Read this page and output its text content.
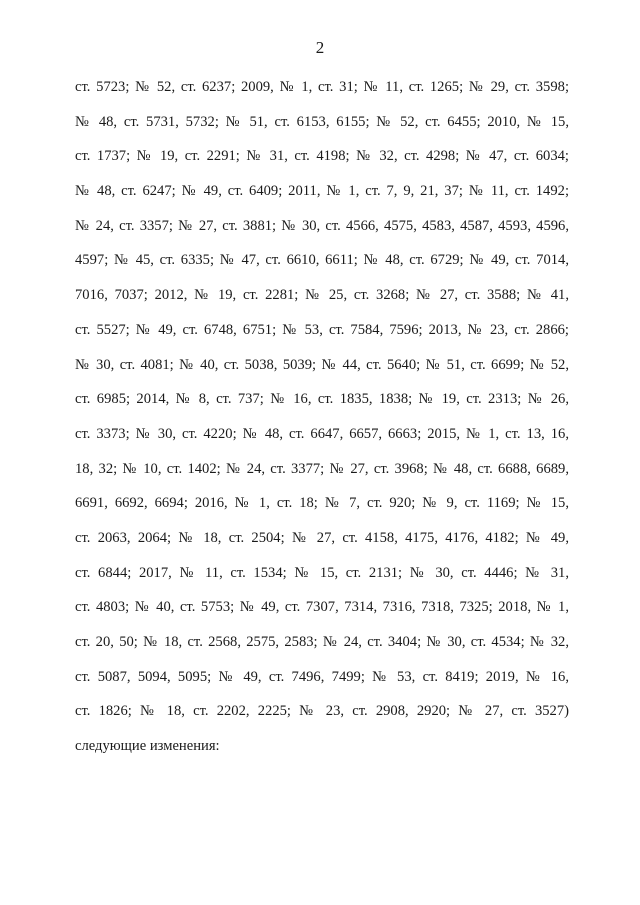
2
ст. 5723; № 52, ст. 6237; 2009, № 1, ст. 31; № 11, ст. 1265; № 29, ст. 3598;
№ 48, ст. 5731, 5732; № 51, ст. 6153, 6155; № 52, ст. 6455; 2010, № 15,
ст. 1737; № 19, ст. 2291; № 31, ст. 4198; № 32, ст. 4298; № 47, ст. 6034;
№ 48, ст. 6247; № 49, ст. 6409; 2011, № 1, ст. 7, 9, 21, 37; № 11, ст. 1492;
№ 24, ст. 3357; № 27, ст. 3881; № 30, ст. 4566, 4575, 4583, 4587, 4593, 4596,
4597; № 45, ст. 6335; № 47, ст. 6610, 6611; № 48, ст. 6729; № 49, ст. 7014,
7016, 7037; 2012, № 19, ст. 2281; № 25, ст. 3268; № 27, ст. 3588; № 41,
ст. 5527; № 49, ст. 6748, 6751; № 53, ст. 7584, 7596; 2013, № 23, ст. 2866;
№ 30, ст. 4081; № 40, ст. 5038, 5039; № 44, ст. 5640; № 51, ст. 6699; № 52,
ст. 6985; 2014, № 8, ст. 737; № 16, ст. 1835, 1838; № 19, ст. 2313; № 26,
ст. 3373; № 30, ст. 4220; № 48, ст. 6647, 6657, 6663; 2015, № 1, ст. 13, 16,
18, 32; № 10, ст. 1402; № 24, ст. 3377; № 27, ст. 3968; № 48, ст. 6688, 6689,
6691, 6692, 6694; 2016, № 1, ст. 18; № 7, ст. 920; № 9, ст. 1169; № 15,
ст. 2063, 2064; № 18, ст. 2504; № 27, ст. 4158, 4175, 4176, 4182; № 49,
ст. 6844; 2017, № 11, ст. 1534; № 15, ст. 2131; № 30, ст. 4446; № 31,
ст. 4803; № 40, ст. 5753; № 49, ст. 7307, 7314, 7316, 7318, 7325; 2018, № 1,
ст. 20, 50; № 18, ст. 2568, 2575, 2583; № 24, ст. 3404; № 30, ст. 4534; № 32,
ст. 5087, 5094, 5095; № 49, ст. 7496, 7499; № 53, ст. 8419; 2019, № 16,
ст. 1826; № 18, ст. 2202, 2225; № 23, ст. 2908, 2920; № 27, ст. 3527)
следующие изменения:
